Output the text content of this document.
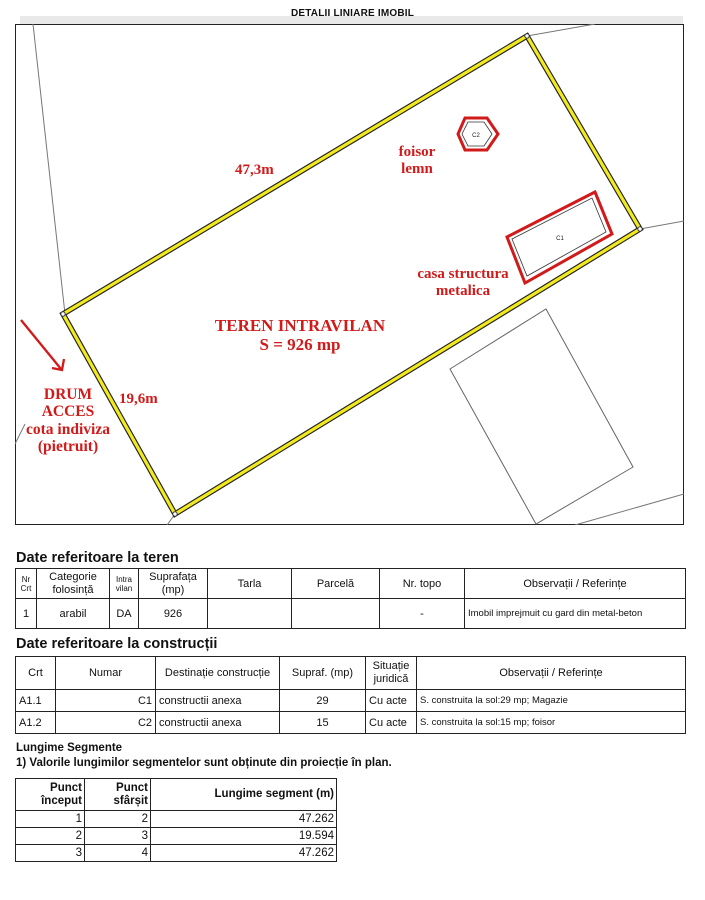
DETALII LINIARE IMOBIL
C2
C1
47,3m
19,6m
foisor
lemn
casa structura
metalica
TEREN INTRAVILAN
S = 926 mp
DRUM
ACCES
cota indiviza
(pietruit)
Date referitoare la teren
Nr Crt	Categorie folosință	Intra vilan	Suprafața (mp)	Tarla	Parcelă	Nr. topo	Observații / Referințe
1	arabil	DA	926			-	Imobil imprejmuit cu gard din metal-beton
Date referitoare la construcții
Crt	Numar	Destinație construcție	Supraf. (mp)	Situație juridică	Observații / Referințe
A1.1	C1	constructii anexa	29	Cu acte	S. construita la sol:29 mp; Magazie
A1.2	C2	constructii anexa	15	Cu acte	S. construita la sol:15 mp; foisor
Lungime Segmente
1) Valorile lungimilor segmentelor sunt obținute din proiecție în plan.
Punct început	Punct sfârșit	Lungime segment (m)
1	2	47.262
2	3	19.594
3	4	47.262
